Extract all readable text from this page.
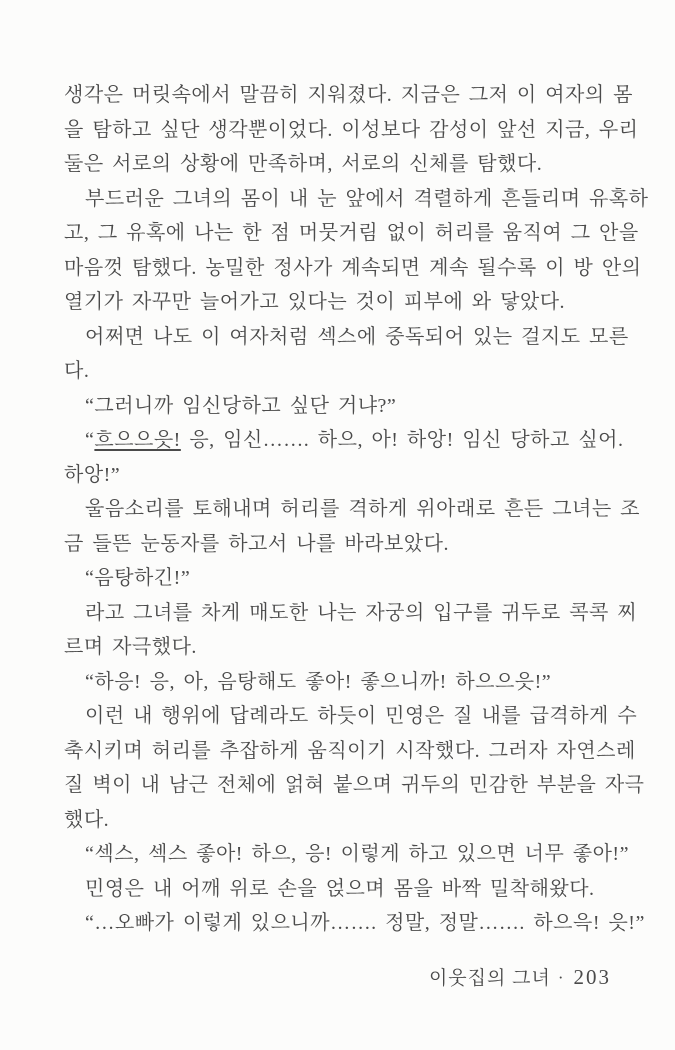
생각은 머릿속에서 말끔히 지워졌다. 지금은 그저 이 여자의 몸
을 탐하고 싶단 생각뿐이었다. 이성보다 감성이 앞선 지금, 우리
둘은 서로의 상황에 만족하며, 서로의 신체를 탐했다.
부드러운 그녀의 몸이 내 눈 앞에서 격렬하게 흔들리며 유혹하
고, 그 유혹에 나는 한 점 머뭇거림 없이 허리를 움직여 그 안을
마음껏 탐했다. 농밀한 정사가 계속되면 계속 될수록 이 방 안의
열기가 자꾸만 늘어가고 있다는 것이 피부에 와 닿았다.
어쩌면 나도 이 여자처럼 섹스에 중독되어 있는 걸지도 모른
다.
“그러니까 임신당하고 싶단 거냐?”
“흐으으읏! 응, 임신……. 하으, 아! 하앙! 임신 당하고 싶어.
하앙!”
울음소리를 토해내며 허리를 격하게 위아래로 흔든 그녀는 조
금 들뜬 눈동자를 하고서 나를 바라보았다.
“음탕하긴!”
라고 그녀를 차게 매도한 나는 자궁의 입구를 귀두로 콕콕 찌
르며 자극했다.
“하응! 응, 아, 음탕해도 좋아! 좋으니까! 하으으읏!”
이런 내 행위에 답례라도 하듯이 민영은 질 내를 급격하게 수
축시키며 허리를 추잡하게 움직이기 시작했다. 그러자 자연스레
질 벽이 내 남근 전체에 얽혀 붙으며 귀두의 민감한 부분을 자극
했다.
“섹스, 섹스 좋아! 하으, 응! 이렇게 하고 있으면 너무 좋아!”
민영은 내 어깨 위로 손을 얹으며 몸을 바짝 밀착해왔다.
“…오빠가 이렇게 있으니까……. 정말, 정말……. 하으윽! 읏!”
이웃집의 그녀 · 203
